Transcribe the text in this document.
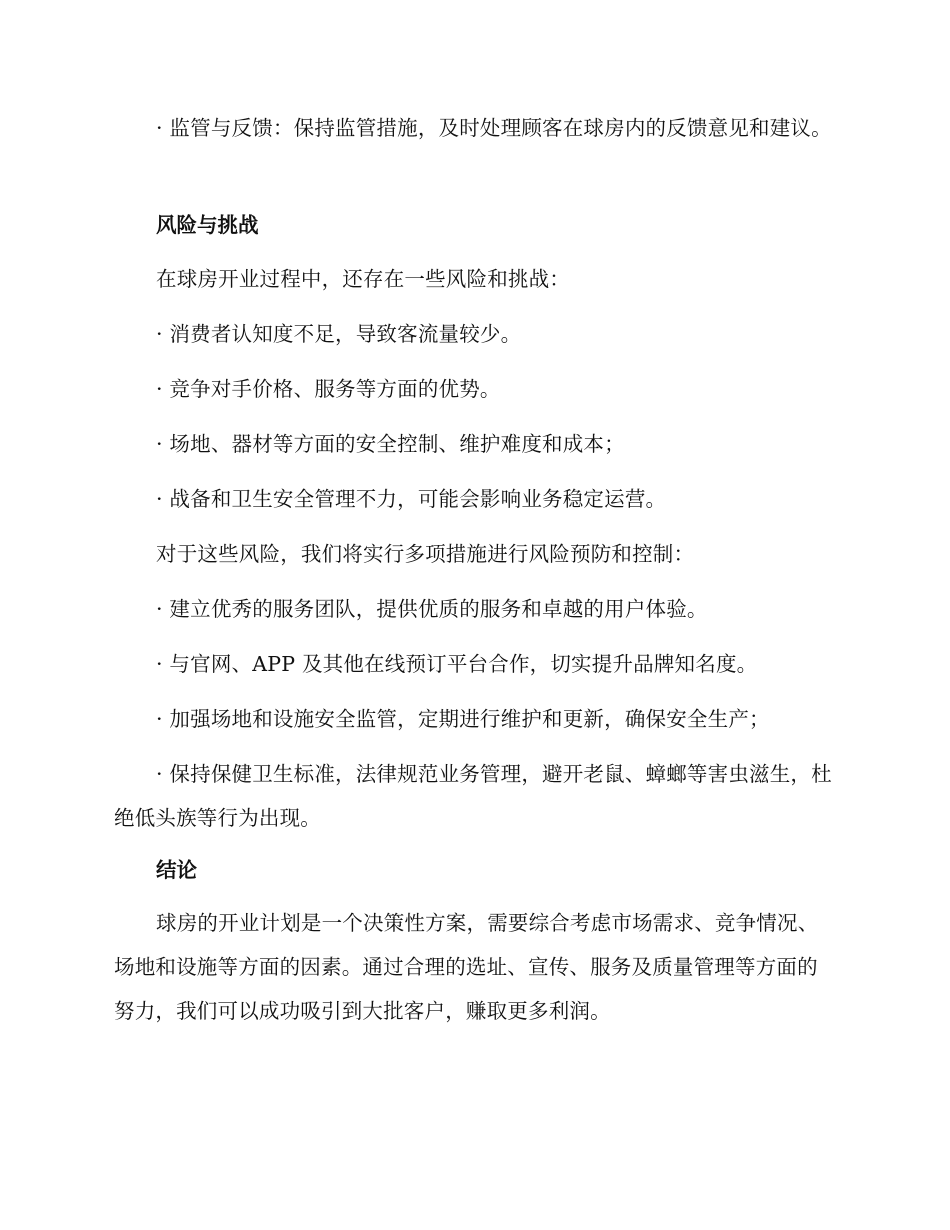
· 监管与反馈：保持监管措施，及时处理顾客在球房内的反馈意见和建议。

风险与挑战

在球房开业过程中，还存在一些风险和挑战：

· 消费者认知度不足，导致客流量较少。

· 竞争对手价格、服务等方面的优势。

· 场地、器材等方面的安全控制、维护难度和成本；

· 战备和卫生安全管理不力，可能会影响业务稳定运营。

对于这些风险，我们将实行多项措施进行风险预防和控制：

· 建立优秀的服务团队，提供优质的服务和卓越的用户体验。

· 与官网、APP 及其他在线预订平台合作，切实提升品牌知名度。

· 加强场地和设施安全监管，定期进行维护和更新，确保安全生产；

· 保持保健卫生标准，法律规范业务管理，避开老鼠、蟑螂等害虫滋生，杜绝低头族等行为出现。

结论

球房的开业计划是一个决策性方案，需要综合考虑市场需求、竞争情况、场地和设施等方面的因素。通过合理的选址、宣传、服务及质量管理等方面的努力，我们可以成功吸引到大批客户，赚取更多利润。
